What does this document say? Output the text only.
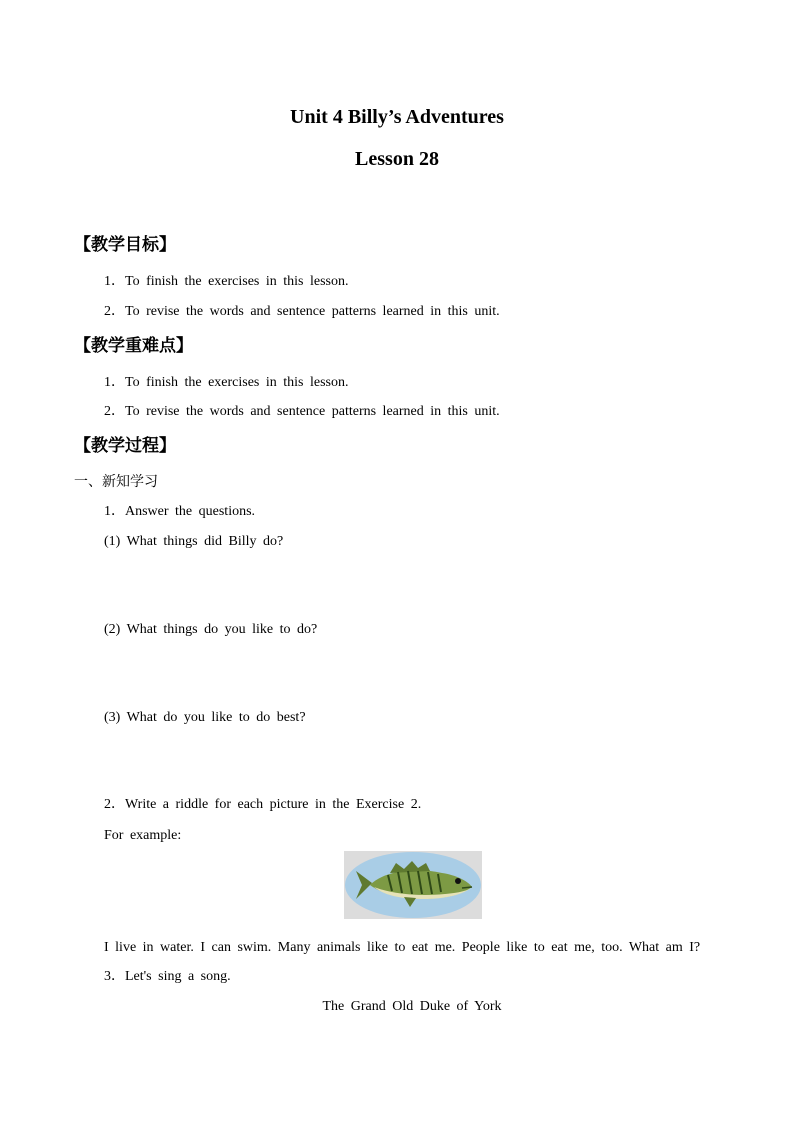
Unit 4 Billy’s Adventures
Lesson 28
【教学目标】
1．To finish the exercises in this lesson.
2．To revise the words and sentence patterns learned in this unit.
【教学重难点】
1．To finish the exercises in this lesson.
2．To revise the words and sentence patterns learned in this unit.
【教学过程】
一、新知学习
1．Answer the questions.
(1) What things did Billy do?
(2) What things do you like to do?
(3) What do you like to do best?
2．Write a riddle for each picture in the Exercise 2.
For example:
I live in water. I can swim. Many animals like to eat me. People like to eat me, too. What am I?
3．Let's sing a song.
The Grand Old Duke of York
